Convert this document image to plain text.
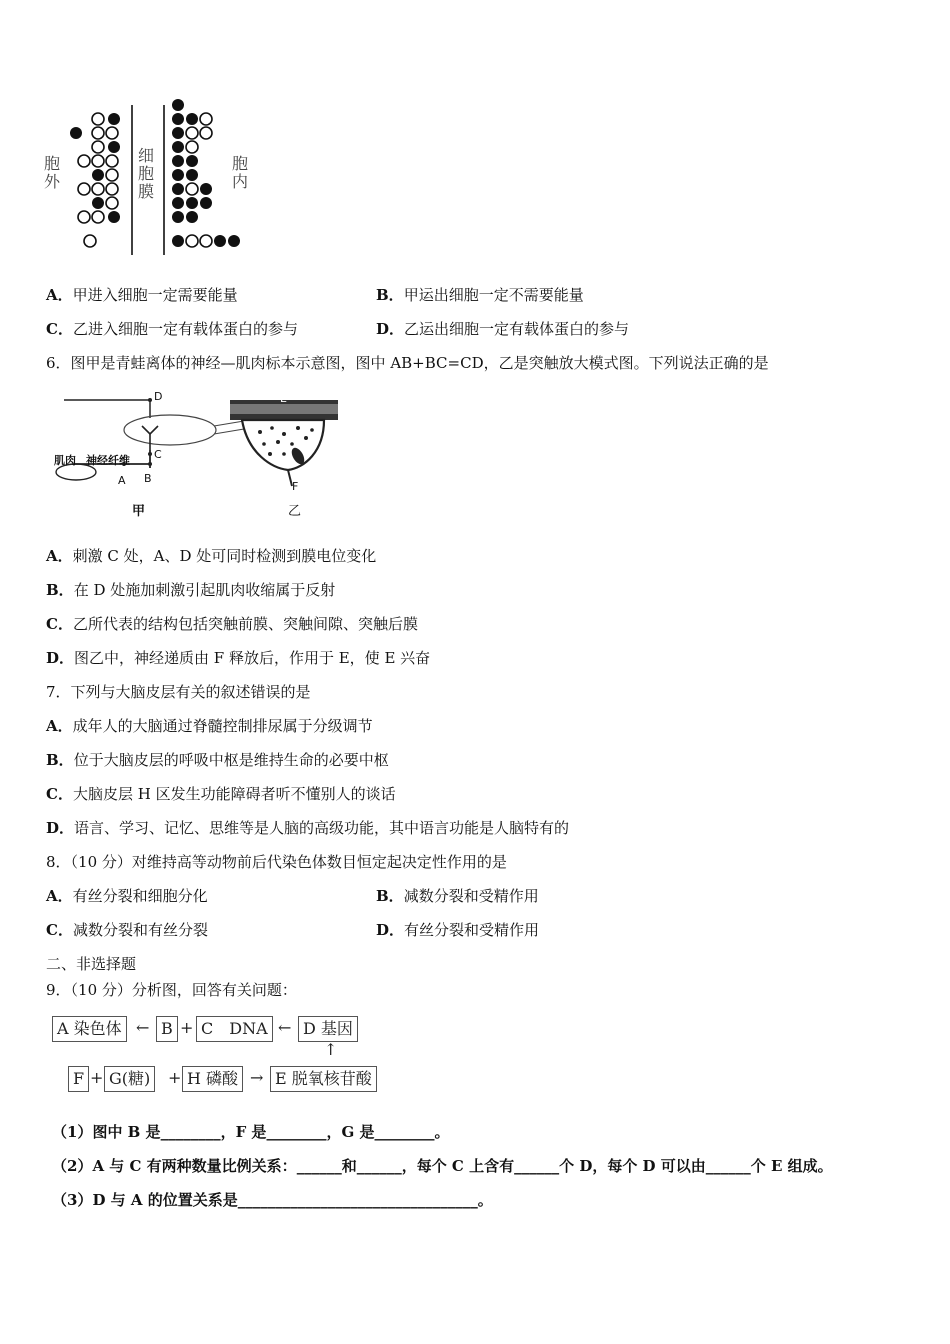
胞外
细胞膜
胞内
A．甲进入细胞一定需要能量	B．甲运出细胞一定不需要能量
C．乙进入细胞一定有载体蛋白的参与	D．乙运出细胞一定有载体蛋白的参与
6．图甲是青蛙离体的神经—肌肉标本示意图，图中 AB+BC=CD，乙是突触放大模式图。下列说法正确的是
D
肌肉 神经纤维 C
A B
甲
E
F
乙
A．刺激 C 处，A、D 处可同时检测到膜电位变化
B．在 D 处施加刺激引起肌肉收缩属于反射
C．乙所代表的结构包括突触前膜、突触间隙、突触后膜
D．图乙中，神经递质由 F 释放后，作用于 E，使 E 兴奋
7．下列与大脑皮层有关的叙述错误的是
A．成年人的大脑通过脊髓控制排尿属于分级调节
B．位于大脑皮层的呼吸中枢是维持生命的必要中枢
C．大脑皮层 H 区发生功能障碍者听不懂别人的谈话
D．语言、学习、记忆、思维等是人脑的高级功能，其中语言功能是人脑特有的
8．（10 分）对维持高等动物前后代染色体数目恒定起决定性作用的是
A．有丝分裂和细胞分化	B．减数分裂和受精作用
C．减数分裂和有丝分裂	D．有丝分裂和受精作用
二、非选择题
9．（10 分）分析图，回答有关问题：
A 染色体 ← B + C　DNA ← D 基因
↑
F + G(糖)	+ H 磷酸 → E 脱氧核苷酸
（1）图中 B 是________，F 是________，G 是________。
（2）A 与 C 有两种数量比例关系：______和______，每个 C 上含有______个 D，每个 D 可以由______个 E 组成。
（3）D 与 A 的位置关系是________________________________。
